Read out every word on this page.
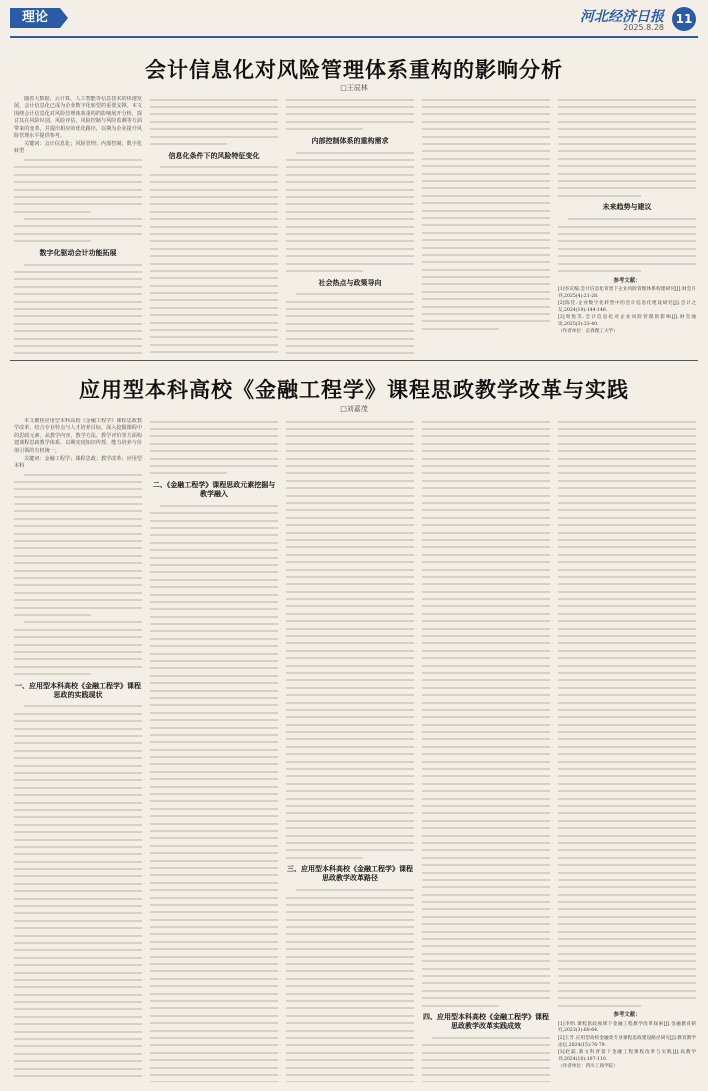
理论	河北经济日报
2025.8.28
11
会计信息化对风险管理体系重构的影响分析
□王辰林

随着大数据、云计算、人工智能等信息技术的快速发展，会计信息化已成为企业数字化转型的重要支撑。本文围绕会计信息化对风险管理体系重构的影响展开分析，探讨其在风险识别、风险评估、风险控制与风险监测等方面带来的变革，并提出相应的优化路径，以期为企业提升风险管理水平提供参考。

关键词：会计信息化；风险管理；内部控制；数字化转型

数字化驱动会计功能拓展
信息化条件下的风险特征变化
内部控制体系的重构需求
社会热点与政策导向
未来趋势与建议

参考文献：

[1]李庆编.会计信息化背景下企业风险管理体系构建研究[J].财会月刊,2025(4):21-28.

[2]陈佳.企业数字化转型中的会计信息化建设研究[J].会计之友,2024(19):144-146.

[3]周悦等.会计信息化对企业风险管理的影响[J].财会通讯,2025(3):33-40.

（作者单位：长春理工大学）

应用型本科高校《金融工程学》课程思政教学改革与实践
□刘嘉茂

本文聚焦应用型本科高校《金融工程学》课程思政教学改革，结合专业特点与人才培养目标，深入挖掘课程中的思政元素，从教学内容、教学方法、教学评价等方面构建课程思政教学体系，以期实现知识传授、能力培养与价值引领的有机统一。

关键词：金融工程学；课程思政；教学改革；应用型本科

一、应用型本科高校《金融工程学》课程思政的实践现状
二、《金融工程学》课程思政元素挖掘与教学融入
三、应用型本科高校《金融工程学》课程思政教学改革路径
四、应用型本科高校《金融工程学》课程思政教学改革实践成效

参考文献：

[1]李明.课程思政视域下金融工程教学改革探索[J].金融教育研究,2023(3):60-64.

[2]王芳.应用型高校金融类专业课程思政建设路径研究[J].教育教学论坛,2024(15):76-79.

[3]赵磊.新文科背景下金融工程课程改革与实践[J].高教学刊,2024(10):107-110.

（作者单位：四川工商学院）
